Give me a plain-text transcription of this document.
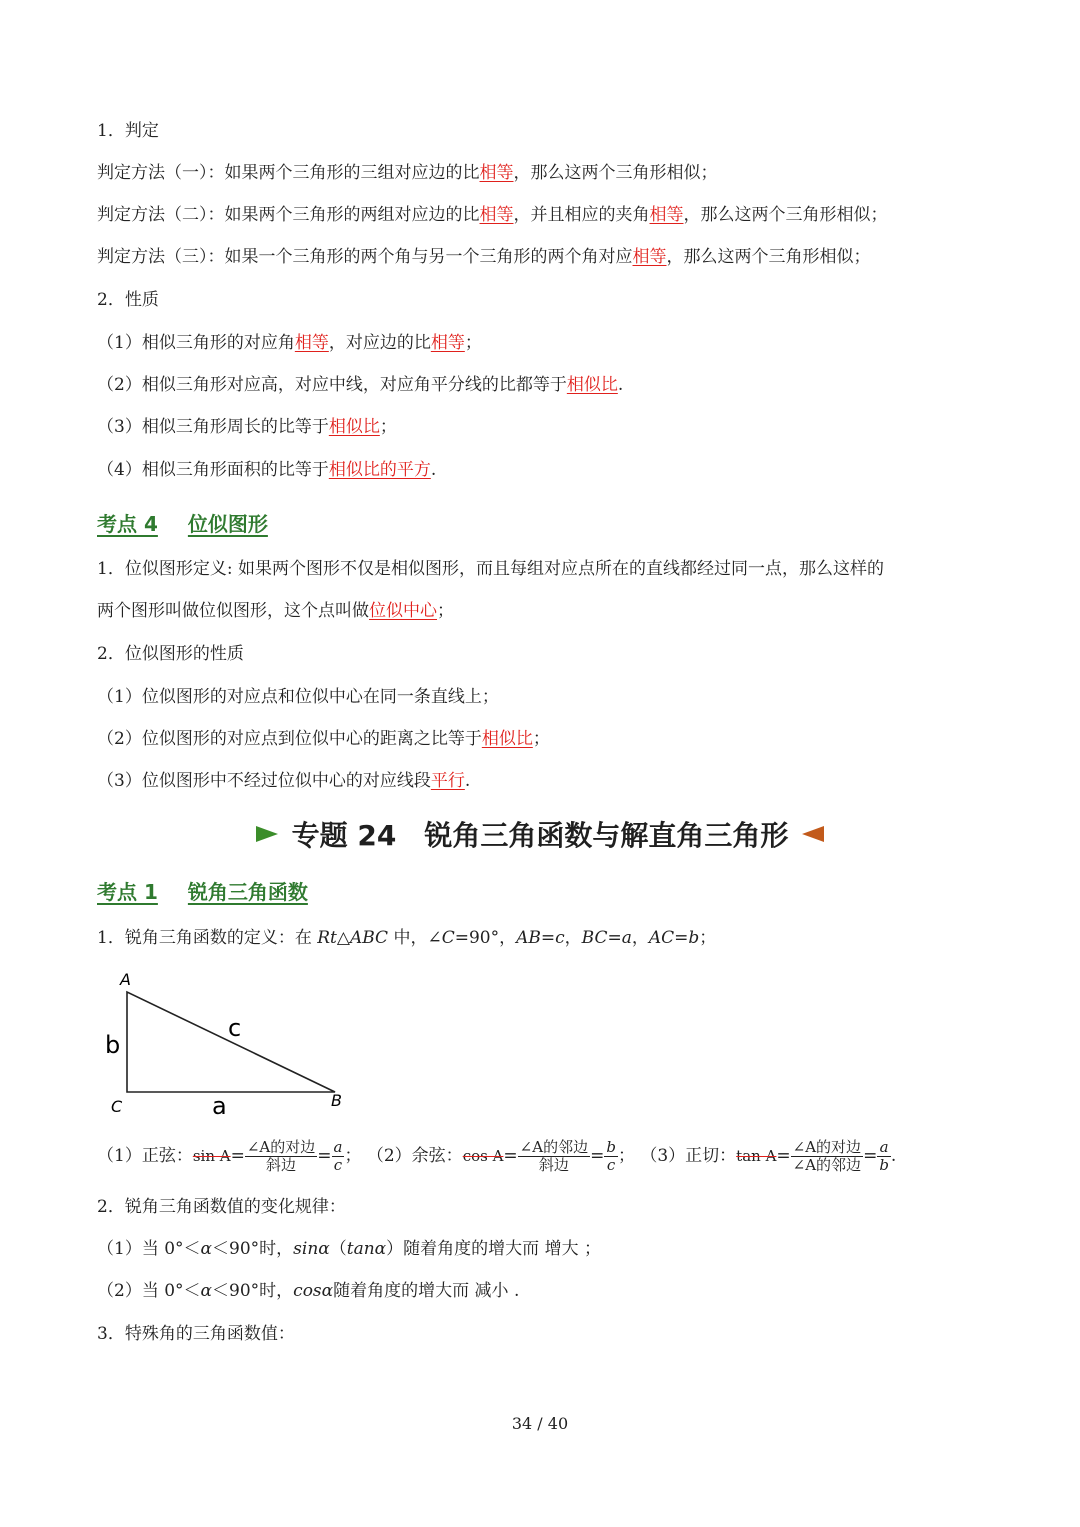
1．判定
判定方法（一）：如果两个三角形的三组对应边的比相等，那么这两个三角形相似；
判定方法（二）：如果两个三角形的两组对应边的比相等，并且相应的夹角相等，那么这两个三角形相似；
判定方法（三）：如果一个三角形的两个角与另一个三角形的两个角对应相等，那么这两个三角形相似；
2．性质
（1）相似三角形的对应角相等，对应边的比相等；
（2）相似三角形对应高，对应中线，对应角平分线的比都等于相似比.
（3）相似三角形周长的比等于相似比；
（4）相似三角形面积的比等于相似比的平方.
考点 4 位似图形
1．位似图形定义: 如果两个图形不仅是相似图形，而且每组对应点所在的直线都经过同一点，那么这样的
两个图形叫做位似图形，这个点叫做位似中心；
2．位似图形的性质
（1）位似图形的对应点和位似中心在同一条直线上；
（2）位似图形的对应点到位似中心的距离之比等于相似比；
（3）位似图形中不经过位似中心的对应线段平行.
专题 24　锐角三角函数与解直角三角形
考点 1 锐角三角函数
1．锐角三角函数的定义：在 Rt△ABC 中，∠C=90°，AB=c，BC=a，AC=b；
A
C	B
b
c
a
（1）正弦：$\sin A= \frac{\text{∠A的对边}}{\text{斜边}} = \frac{a}{c}$ ； （2）余弦：$\cos A= \frac{\text{∠A的邻边}}{\text{斜边}} = \frac{b}{c}$ ； （3）正切：$\tan A= \frac{\text{∠A的对边}}{\text{∠A的邻边}} = \frac{a}{b}$ .
2．锐角三角函数值的变化规律：
（1）当 0°＜α＜90°时，sinα（tanα）随着角度的增大而 增大 ；
（2）当 0°＜α＜90°时，cosα随着角度的增大而 减小 .
3．特殊角的三角函数值：
34 / 40
